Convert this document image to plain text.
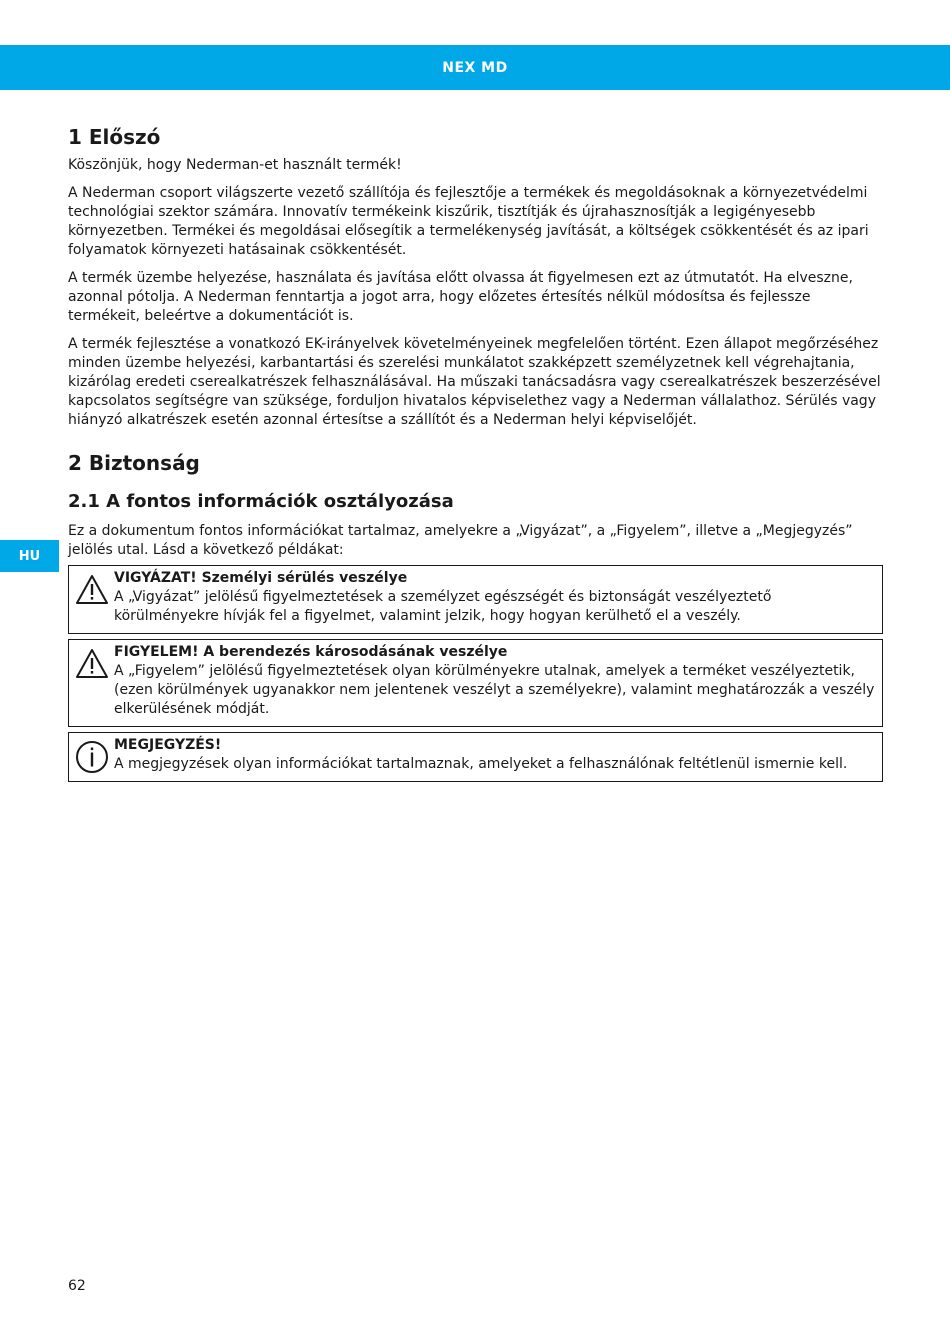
NEX MD
HU
1 Előszó

Köszönjük, hogy Nederman-et használt termék!

A Nederman csoport világszerte vezető szállítója és fejlesztője a termékek és megoldásoknak a környezetvédelmi technológiai szektor számára. Innovatív termékeink kiszűrik, tisztítják és újrahasznosítják a legigényesebb környezetben. Termékei és megoldásai elősegítik a termelékenység javítását, a költségek csökkentését és az ipari folyamatok környezeti hatásainak csökkentését.

A termék üzembe helyezése, használata és javítása előtt olvassa át figyelmesen ezt az útmutatót. Ha elveszne, azonnal pótolja. A Nederman fenntartja a jogot arra, hogy előzetes értesítés nélkül módosítsa és fejlessze termékeit, beleértve a dokumentációt is.

A termék fejlesztése a vonatkozó EK-irányelvek követelményeinek megfelelően történt. Ezen állapot megőrzéséhez minden üzembe helyezési, karbantartási és szerelési munkálatot szakképzett személyzetnek kell végrehajtania, kizárólag eredeti cserealkatrészek felhasználásával. Ha műszaki tanácsadásra vagy cserealkatrészek beszerzésével kapcsolatos segítségre van szüksége, forduljon hivatalos képviselethez vagy a Nederman vállalathoz. Sérülés vagy hiányzó alkatrészek esetén azonnal értesítse a szállítót és a Nederman helyi képviselőjét.

2 Biztonság
2.1 A fontos információk osztályozása

Ez a dokumentum fontos információkat tartalmaz, amelyekre a „Vigyázat”, a „Figyelem”, illetve a „Megjegyzés” jelölés utal. Lásd a következő példákat:

VIGYÁZAT! Személyi sérülés veszélye
A „Vigyázat” jelölésű figyelmeztetések a személyzet egészségét és biztonságát veszélyeztető körülményekre hívják fel a figyelmet, valamint jelzik, hogy hogyan kerülhető el a veszély.
FIGYELEM! A berendezés károsodásának veszélye
A „Figyelem” jelölésű figyelmeztetések olyan körülményekre utalnak, amelyek a terméket veszélyeztetik, (ezen körülmények ugyanakkor nem jelentenek veszélyt a személyekre), valamint meghatározzák a veszély elkerülésének módját.
MEGJEGYZÉS!
A megjegyzések olyan információkat tartalmaznak, amelyeket a felhasználónak feltétlenül ismernie kell.
62
